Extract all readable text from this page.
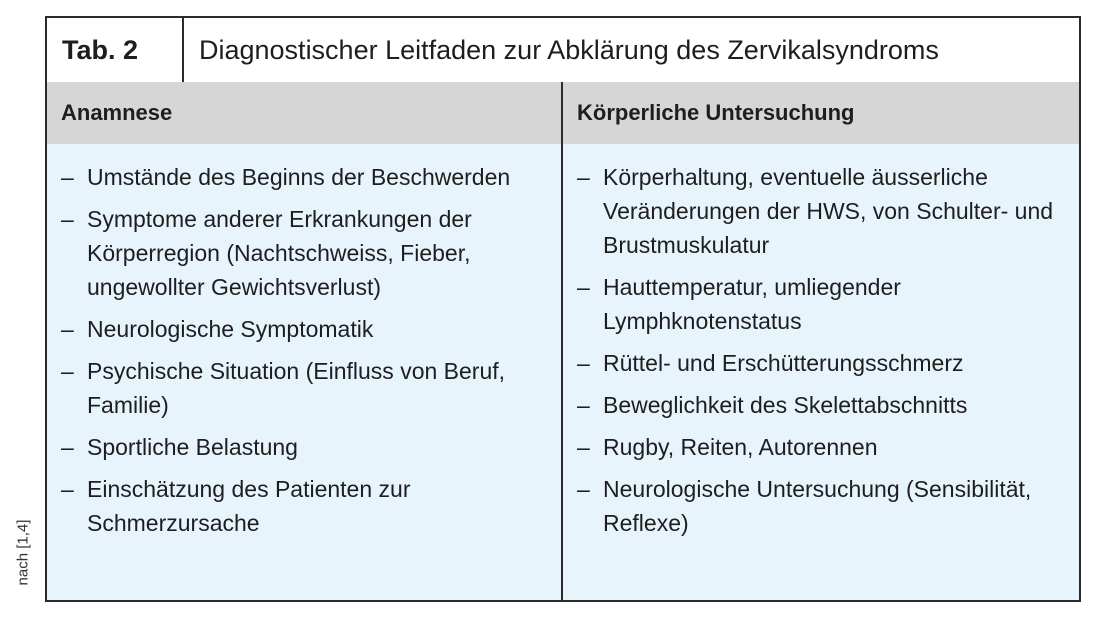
nach [1,4]
Tab. 2	Diagnostischer Leitfaden zur Abklärung des Zervikalsyndroms
Anamnese	Körperliche Untersuchung
– Umstände des Beginns der Beschwerden
– Symptome anderer Erkrankungen der Körperregion (Nachtschweiss, Fieber, ungewollter Gewichtsverlust)
– Neurologische Symptomatik
– Psychische Situation (Einfluss von Beruf, Familie)
– Sportliche Belastung
– Einschätzung des Patienten zur Schmerzursache
– Körperhaltung, eventuelle äusserliche Veränderungen der HWS, von Schulter- und Brustmuskulatur
– Hauttemperatur, umliegender Lymphknotenstatus
– Rüttel- und Erschütterungsschmerz
– Beweglichkeit des Skelettabschnitts
– Rugby, Reiten, Autorennen
– Neurologische Untersuchung (Sensibilität, Reflexe)
